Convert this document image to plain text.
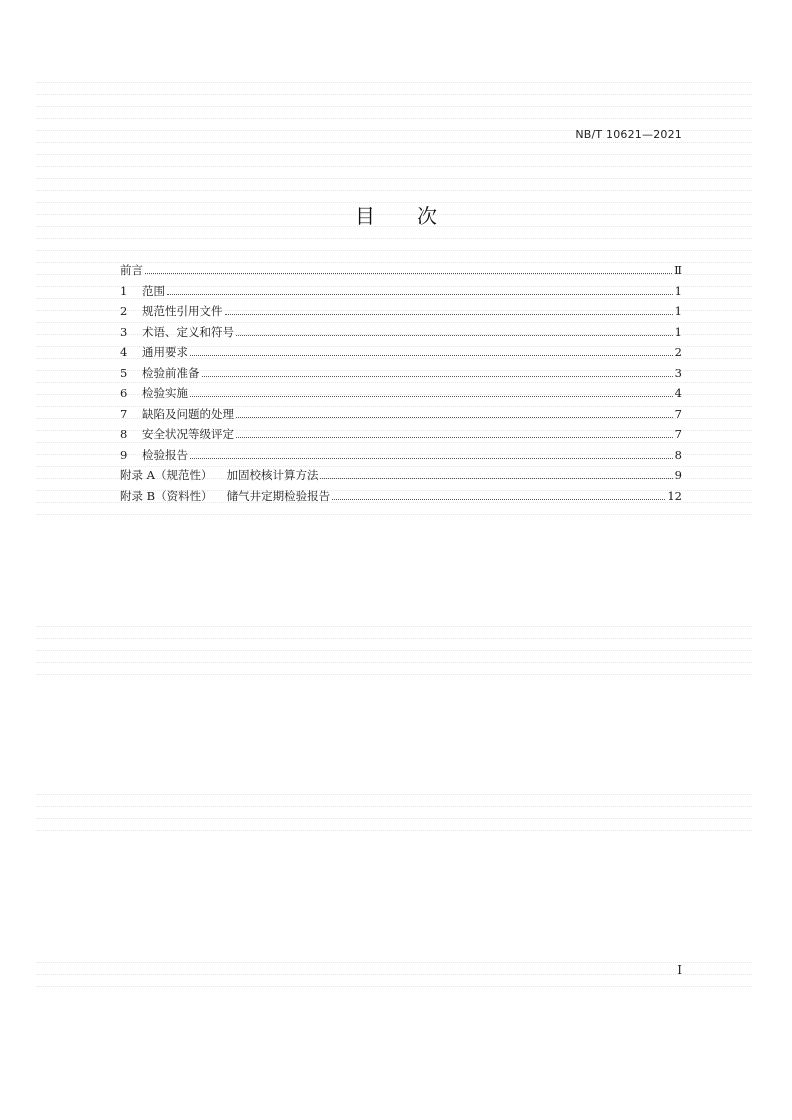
NB/T 10621—2021
目 次
前言	Ⅱ
1	范围	1
2	规范性引用文件	1
3	术语、定义和符号	1
4	通用要求	2
5	检验前准备	3
6	检验实施	4
7	缺陷及问题的处理	7
8	安全状况等级评定	7
9	检验报告	8
附录 A（规范性） 加固校核计算方法	9
附录 B（资料性） 储气井定期检验报告	12
I
